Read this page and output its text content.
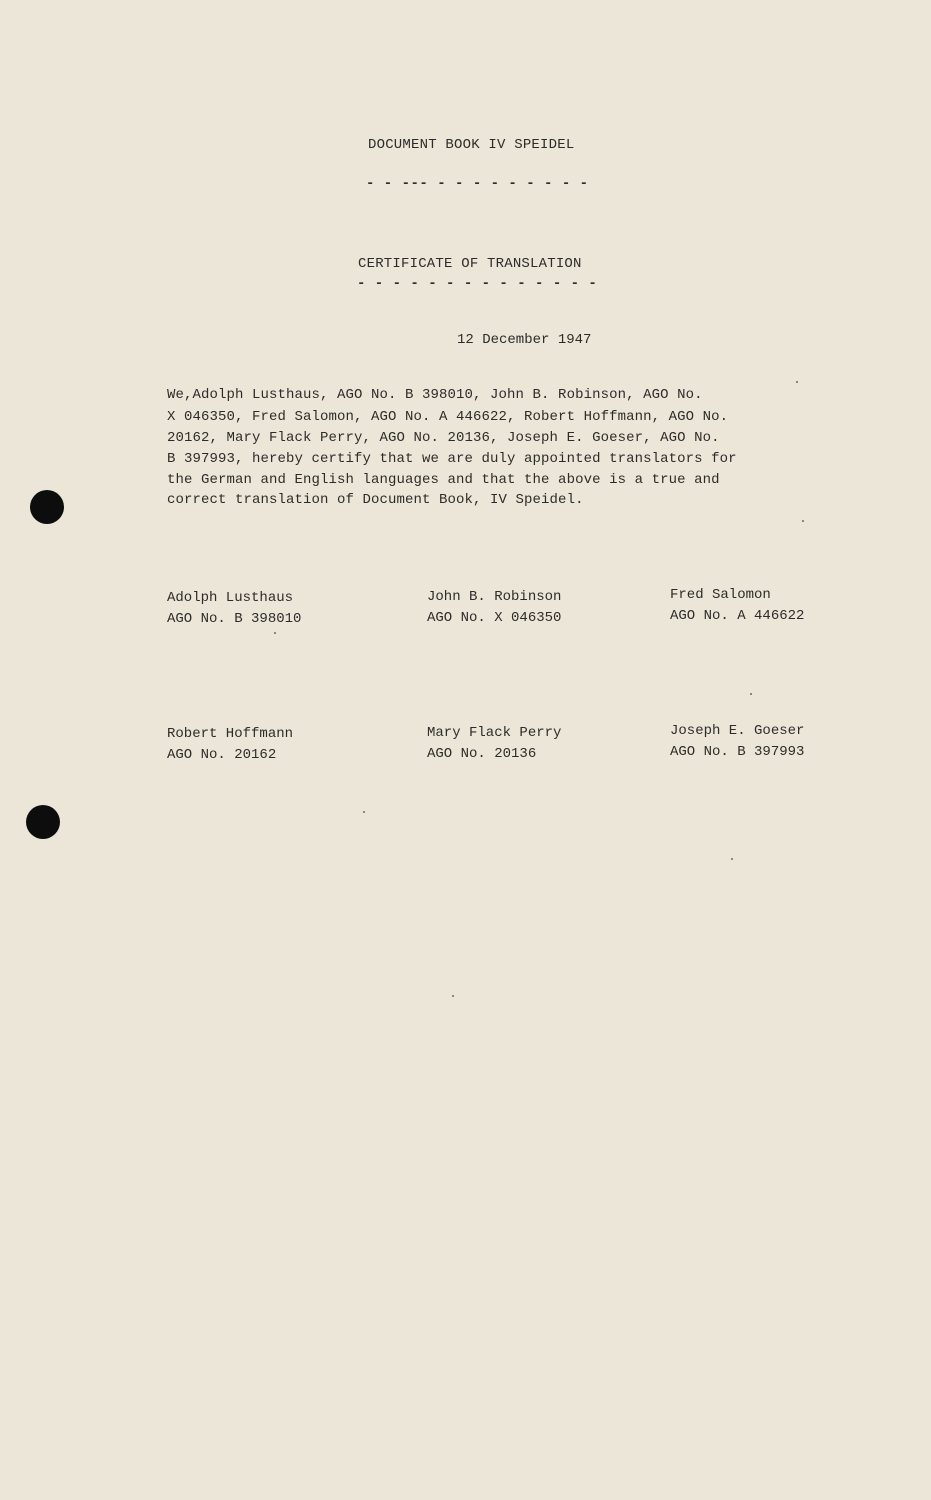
DOCUMENT BOOK IV SPEIDEL
- - --- - - - - - - - - -
CERTIFICATE OF TRANSLATION
- - - - - - - - - - - - - -
12 December 1947
We,Adolph Lusthaus, AGO No. B 398010, John B. Robinson, AGO No.
X 046350, Fred Salomon, AGO No. A 446622, Robert Hoffmann, AGO No.
20162, Mary Flack Perry, AGO No. 20136, Joseph E. Goeser, AGO No.
B 397993, hereby certify that we are duly appointed translators for
the German and English languages and that the above is a true and
correct translation of Document Book, IV Speidel.
Adolph Lusthaus
AGO No. B 398010
John B. Robinson
AGO No. X 046350
Fred Salomon
AGO No. A 446622
Robert Hoffmann
AGO No. 20162
Mary Flack Perry
AGO No. 20136
Joseph E. Goeser
AGO No. B 397993
